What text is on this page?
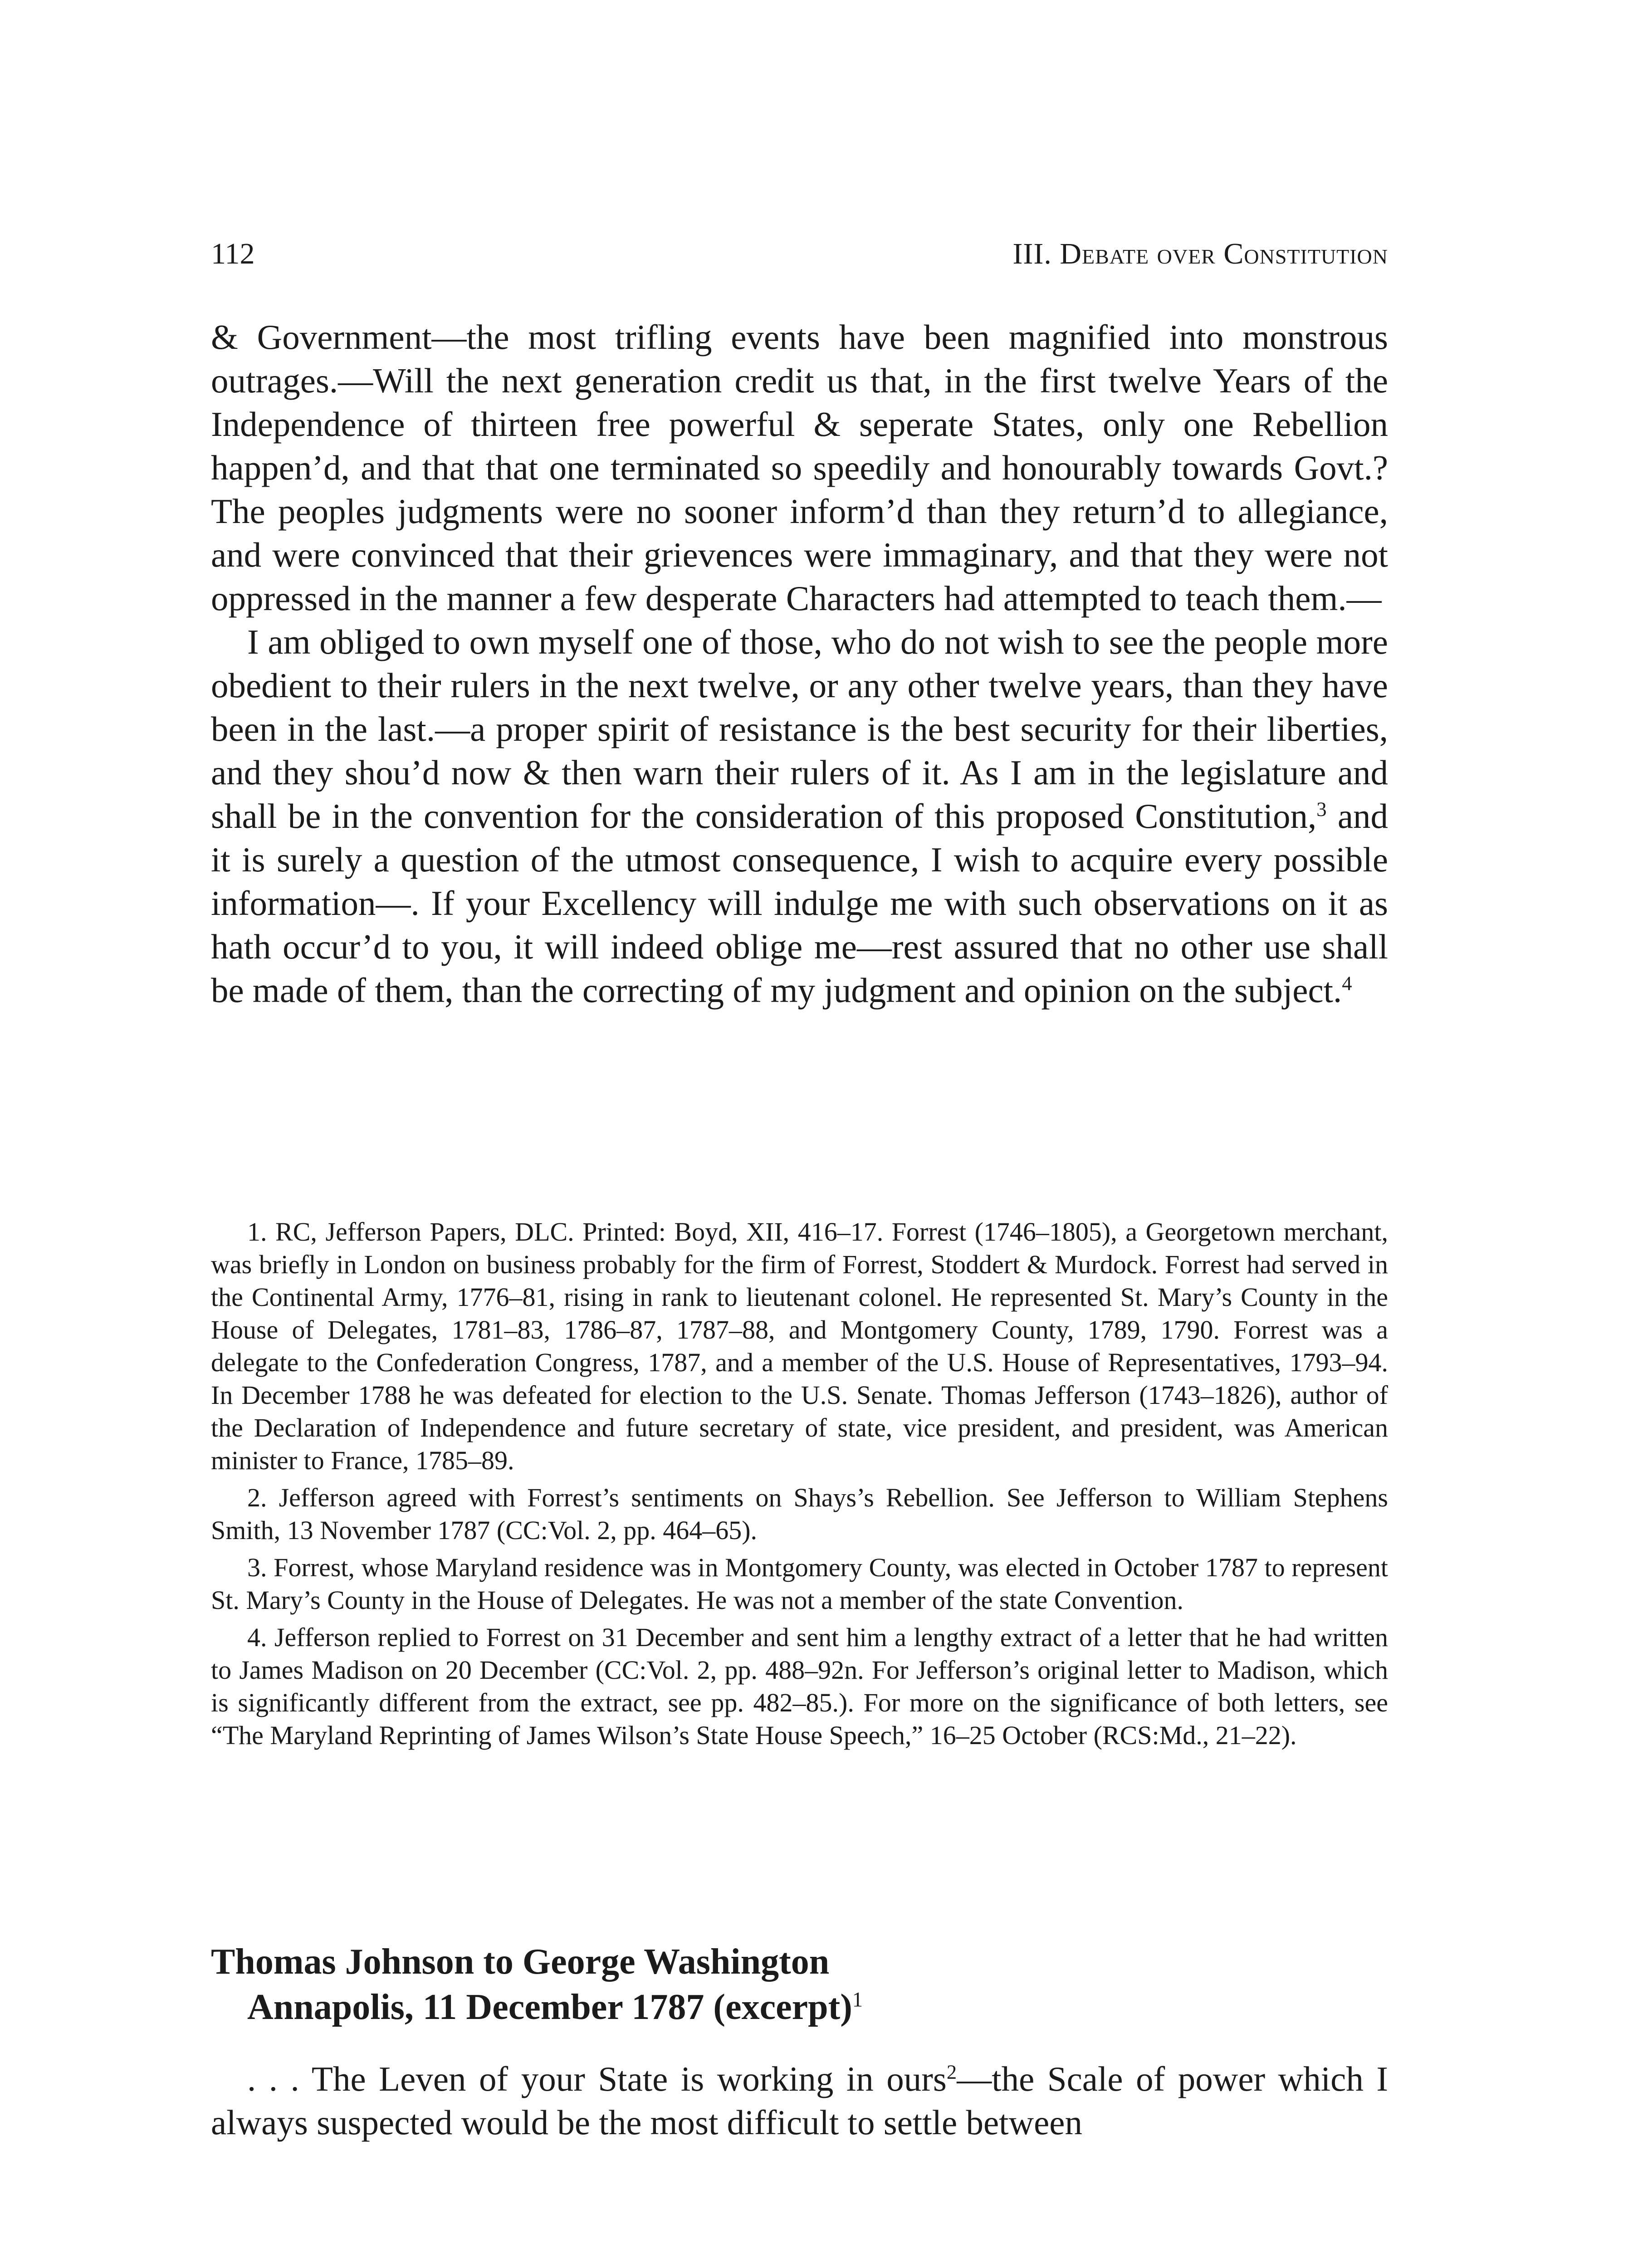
112	III. Debate over Constitution

& Government—the most trifling events have been magnified into monstrous outrages.—Will the next generation credit us that, in the first twelve Years of the Independence of thirteen free powerful & seperate States, only one Rebellion happen’d, and that that one terminated so speedily and honourably towards Govt.? The peoples judgments were no sooner inform’d than they return’d to allegiance, and were convinced that their grievences were immaginary, and that they were not oppressed in the manner a few desperate Characters had attempted to teach them.—

I am obliged to own myself one of those, who do not wish to see the people more obedient to their rulers in the next twelve, or any other twelve years, than they have been in the last.—a proper spirit of resistance is the best security for their liberties, and they shou’d now & then warn their rulers of it. As I am in the legislature and shall be in the convention for the consideration of this proposed Constitution,$^3$ and it is surely a question of the utmost consequence, I wish to acquire every possible information—. If your Excellency will indulge me with such observations on it as hath occur’d to you, it will indeed oblige me—rest assured that no other use shall be made of them, than the correcting of my judgment and opinion on the subject.$^4$

1. RC, Jefferson Papers, DLC. Printed: Boyd, XII, 416–17. Forrest (1746–1805), a Georgetown merchant, was briefly in London on business probably for the firm of Forrest, Stoddert & Murdock. Forrest had served in the Continental Army, 1776–81, rising in rank to lieutenant colonel. He represented St. Mary’s County in the House of Delegates, 1781–83, 1786–87, 1787–88, and Montgomery County, 1789, 1790. Forrest was a delegate to the Confederation Congress, 1787, and a member of the U.S. House of Representatives, 1793–94. In December 1788 he was defeated for election to the U.S. Senate. Thomas Jefferson (1743–1826), author of the Declaration of Independence and future secretary of state, vice president, and president, was American minister to France, 1785–89.

2. Jefferson agreed with Forrest’s sentiments on Shays’s Rebellion. See Jefferson to William Stephens Smith, 13 November 1787 (CC:Vol. 2, pp. 464–65).

3. Forrest, whose Maryland residence was in Montgomery County, was elected in October 1787 to represent St. Mary’s County in the House of Delegates. He was not a member of the state Convention.

4. Jefferson replied to Forrest on 31 December and sent him a lengthy extract of a letter that he had written to James Madison on 20 December (CC:Vol. 2, pp. 488–92n. For Jefferson’s original letter to Madison, which is significantly different from the extract, see pp. 482–85.). For more on the significance of both letters, see “The Maryland Reprinting of James Wilson’s State House Speech,” 16–25 October (RCS:Md., 21–22).

Thomas Johnson to George Washington
Annapolis, 11 December 1787 (excerpt)$^1$

. . . The Leven of your State is working in ours$^2$—the Scale of power which I always suspected would be the most difficult to settle between
